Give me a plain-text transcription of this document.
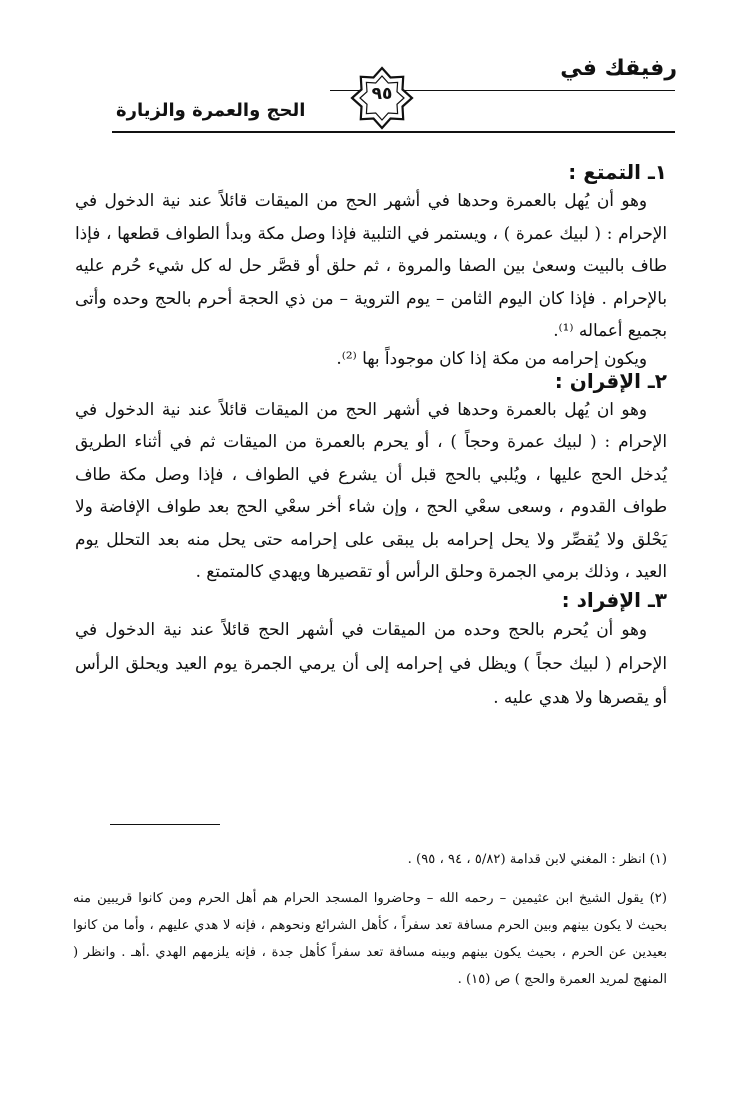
رفيقك في
٩٥
الحج والعمرة والزيارة

١ـ التمتع :

وهو أن يُهل بالعمرة وحدها في أشهر الحج من الميقات قائلاً عند نية الدخول في الإحرام : ( لبيك عمرة ) ، ويستمر في التلبية فإذا وصل مكة وبدأ الطواف قطعها ، فإذا طاف بالبيت وسعىٰ بين الصفا والمروة ، ثم حلق أو قصَّر حل له كل شيء حُرم عليه بالإحرام . فإذا كان اليوم الثامن – يوم التروية – من ذي الحجة أحرم بالحج وحده وأتى بجميع أعماله ⁽¹⁾.

ويكون إحرامه من مكة إذا كان موجوداً بها ⁽²⁾.

٢ـ الإقران :

وهو ان يُهل بالعمرة وحدها في أشهر الحج من الميقات قائلاً عند نية الدخول في الإحرام : ( لبيك عمرة وحجاً ) ، أو يحرم بالعمرة من الميقات ثم في أثناء الطريق يُدخل الحج عليها ، ويُلبي بالحج قبل أن يشرع في الطواف ، فإذا وصل مكة طاف طواف القدوم ، وسعى سعْي الحج ، وإن شاء أخر سعْي الحج بعد طواف الإفاضة ولا يَحْلق ولا يُقصِّر ولا يحل إحرامه بل يبقى على إحرامه حتى يحل منه بعد التحلل يوم العيد ، وذلك برمي الجمرة وحلق الرأس أو تقصيرها ويهدي كالمتمتع .

٣ـ الإفراد :

وهو أن يُحرم بالحج وحده من الميقات في أشهر الحج قائلاً عند نية الدخول في الإحرام ( لبيك حجاً ) ويظل في إحرامه إلى أن يرمي الجمرة يوم العيد ويحلق الرأس أو يقصرها ولا هدي عليه .

(١) انظر : المغني لابن قدامة (٥/٨٢ ، ٩٤ ، ٩٥) .

(٢) يقول الشيخ ابن عثيمين – رحمه الله – وحاضروا المسجد الحرام هم أهل الحرم ومن كانوا قريبين منه بحيث لا يكون بينهم وبين الحرم مسافة تعد سفراً ، كأهل الشرائع ونحوهم ، فإنه لا هدي عليهم ، وأما من كانوا بعيدين عن الحرم ، بحيث يكون بينهم وبينه مسافة تعد سفراً كأهل جدة ، فإنه يلزمهم الهدي .أهـ . وانظر ( المنهج لمريد العمرة والحج ) ص (١٥) .
